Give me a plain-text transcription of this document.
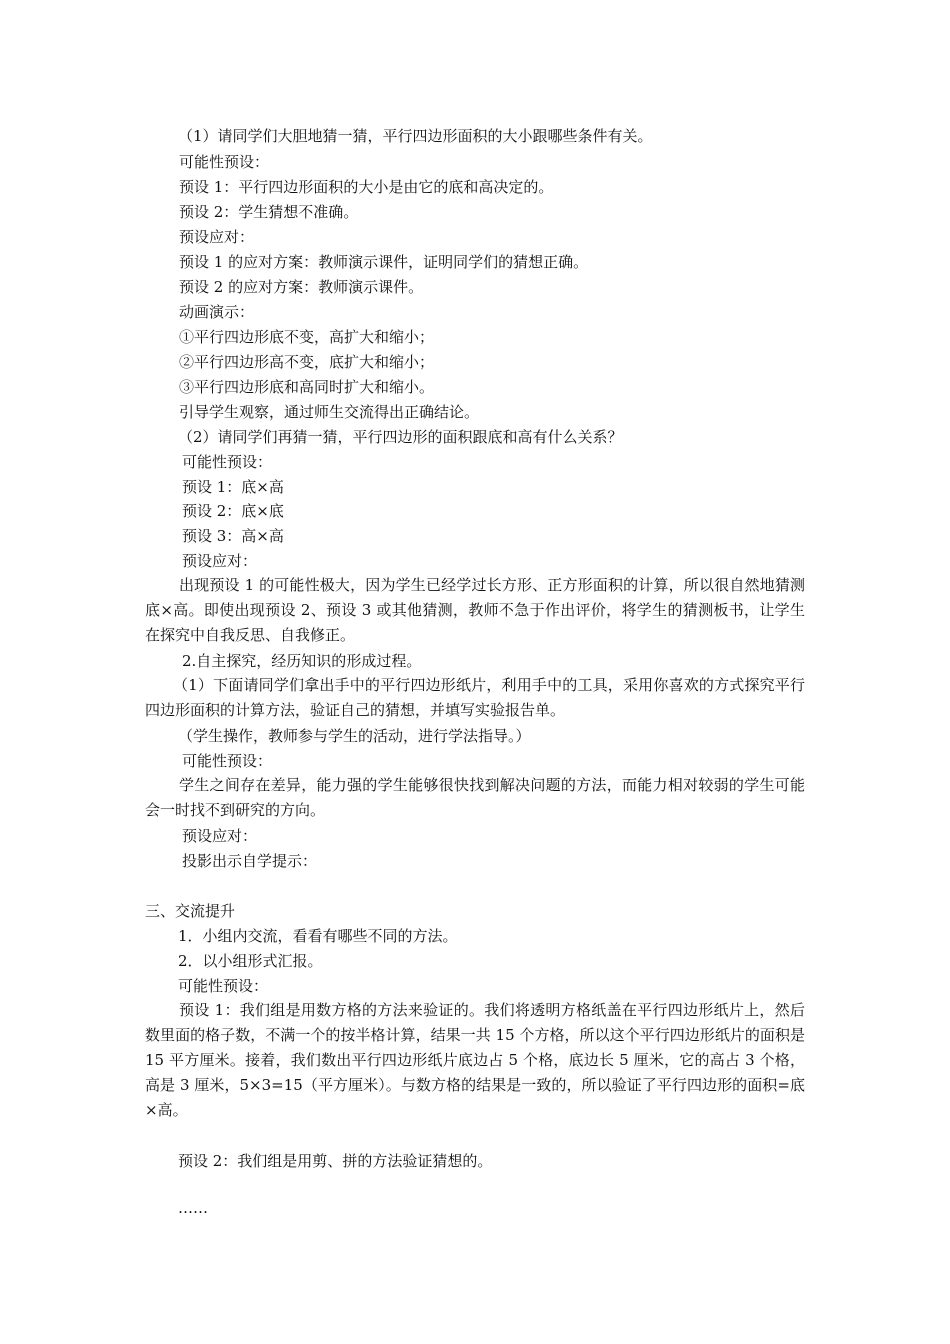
（1）请同学们大胆地猜一猜，平行四边形面积的大小跟哪些条件有关。
可能性预设：
预设 1：平行四边形面积的大小是由它的底和高决定的。
预设 2：学生猜想不准确。
预设应对：
预设 1 的应对方案：教师演示课件，证明同学们的猜想正确。
预设 2 的应对方案：教师演示课件。
动画演示：
①平行四边形底不变，高扩大和缩小；
②平行四边形高不变，底扩大和缩小；
③平行四边形底和高同时扩大和缩小。
引导学生观察，通过师生交流得出正确结论。
（2）请同学们再猜一猜，平行四边形的面积跟底和高有什么关系？
可能性预设：
预设 1：底×高
预设 2：底×底
预设 3：高×高
预设应对：
出现预设 1 的可能性极大，因为学生已经学过长方形、正方形面积的计算，所以很自然地猜测底×高。即使出现预设 2、预设 3 或其他猜测，教师不急于作出评价，将学生的猜测板书，让学生在探究中自我反思、自我修正。
2.自主探究，经历知识的形成过程。
（1）下面请同学们拿出手中的平行四边形纸片，利用手中的工具，采用你喜欢的方式探究平行四边形面积的计算方法，验证自己的猜想，并填写实验报告单。
（学生操作，教师参与学生的活动，进行学法指导。）
可能性预设：
学生之间存在差异，能力强的学生能够很快找到解决问题的方法，而能力相对较弱的学生可能会一时找不到研究的方向。
预设应对：
投影出示自学提示：
三、交流提升
1．小组内交流，看看有哪些不同的方法。
2．以小组形式汇报。
可能性预设：
预设 1：我们组是用数方格的方法来验证的。我们将透明方格纸盖在平行四边形纸片上，然后数里面的格子数，不满一个的按半格计算，结果一共 15 个方格，所以这个平行四边形纸片的面积是 15 平方厘米。接着，我们数出平行四边形纸片底边占 5 个格，底边长 5 厘米，它的高占 3 个格，高是 3 厘米，5×3=15（平方厘米）。与数方格的结果是一致的，所以验证了平行四边形的面积=底×高。
预设 2：我们组是用剪、拼的方法验证猜想的。
……
